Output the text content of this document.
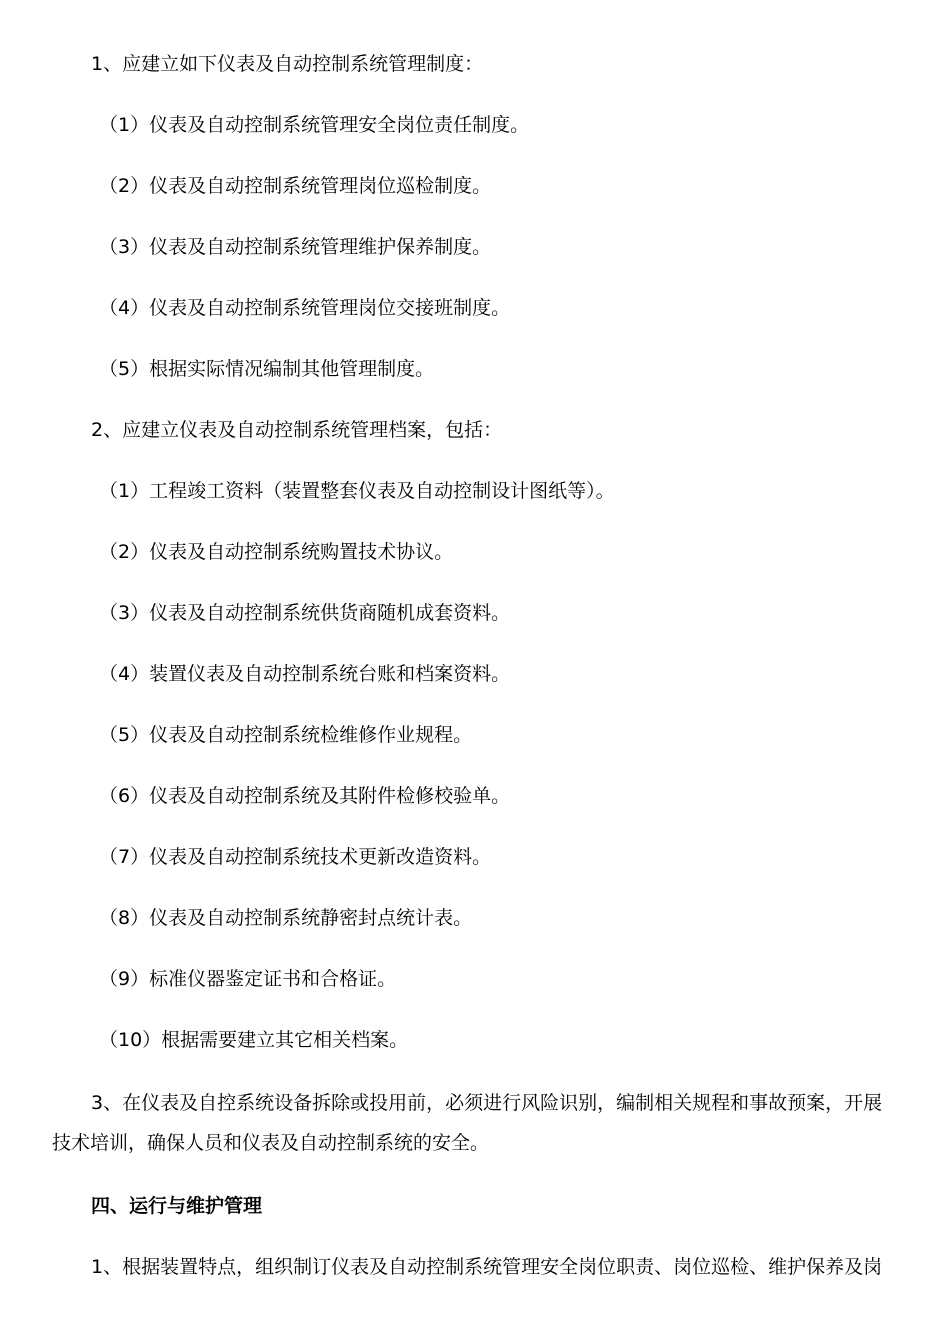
1、应建立如下仪表及自动控制系统管理制度：
（1）仪表及自动控制系统管理安全岗位责任制度。
（2）仪表及自动控制系统管理岗位巡检制度。
（3）仪表及自动控制系统管理维护保养制度。
（4）仪表及自动控制系统管理岗位交接班制度。
（5）根据实际情况编制其他管理制度。
2、应建立仪表及自动控制系统管理档案，包括：
（1）工程竣工资料（装置整套仪表及自动控制设计图纸等）。
（2）仪表及自动控制系统购置技术协议。
（3）仪表及自动控制系统供货商随机成套资料。
（4）装置仪表及自动控制系统台账和档案资料。
（5）仪表及自动控制系统检维修作业规程。
（6）仪表及自动控制系统及其附件检修校验单。
（7）仪表及自动控制系统技术更新改造资料。
（8）仪表及自动控制系统静密封点统计表。
（9）标准仪器鉴定证书和合格证。
（10）根据需要建立其它相关档案。
3、在仪表及自控系统设备拆除或投用前，必须进行风险识别，编制相关规程和事故预案，开展
技术培训，确保人员和仪表及自动控制系统的安全。
四、运行与维护管理
1、根据装置特点，组织制订仪表及自动控制系统管理安全岗位职责、岗位巡检、维护保养及岗
